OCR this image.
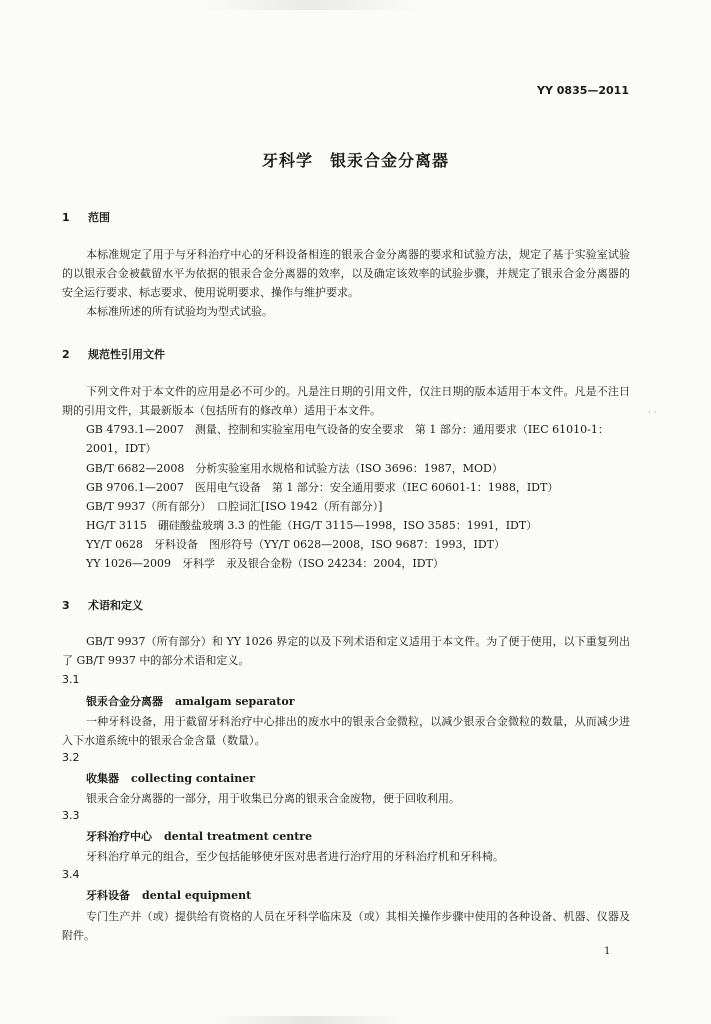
YY 0835—2011
牙科学　银汞合金分离器
1 范围
本标准规定了用于与牙科治疗中心的牙科设备相连的银汞合金分离器的要求和试验方法，规定了基于实验室试验的以银汞合金被截留水平为依据的银汞合金分离器的效率，以及确定该效率的试验步骤，并规定了银汞合金分离器的安全运行要求、标志要求、使用说明要求、操作与维护要求。
本标准所述的所有试验均为型式试验。
2 规范性引用文件
下列文件对于本文件的应用是必不可少的。凡是注日期的引用文件，仅注日期的版本适用于本文件。凡是不注日期的引用文件，其最新版本（包括所有的修改单）适用于本文件。
GB 4793.1—2007　测量、控制和实验室用电气设备的安全要求　第 1 部分：通用要求（IEC 61010-1：2001，IDT）
GB/T 6682—2008　分析实验室用水规格和试验方法（ISO 3696：1987，MOD）
GB 9706.1—2007　医用电气设备　第 1 部分：安全通用要求（IEC 60601-1：1988，IDT）
GB/T 9937（所有部分）　口腔词汇[ISO 1942（所有部分）]
HG/T 3115　硼硅酸盐玻璃 3.3 的性能（HG/T 3115—1998，ISO 3585：1991，IDT）
YY/T 0628　牙科设备　图形符号（YY/T 0628—2008，ISO 9687：1993，IDT）
YY 1026—2009　牙科学　汞及银合金粉（ISO 24234：2004，IDT）
· ·
3 术语和定义
GB/T 9937（所有部分）和 YY 1026 界定的以及下列术语和定义适用于本文件。为了便于使用，以下重复列出了 GB/T 9937 中的部分术语和定义。
3.1
银汞合金分离器 amalgam separator
一种牙科设备，用于截留牙科治疗中心排出的废水中的银汞合金微粒，以减少银汞合金微粒的数量，从而减少进入下水道系统中的银汞合金含量（数量）。
3.2
收集器 collecting container
银汞合金分离器的一部分，用于收集已分离的银汞合金废物，便于回收利用。
3.3
牙科治疗中心 dental treatment centre
牙科治疗单元的组合，至少包括能够使牙医对患者进行治疗用的牙科治疗机和牙科椅。
3.4
牙科设备 dental equipment
专门生产并（或）提供给有资格的人员在牙科学临床及（或）其相关操作步骤中使用的各种设备、机器、仪器及附件。
1
